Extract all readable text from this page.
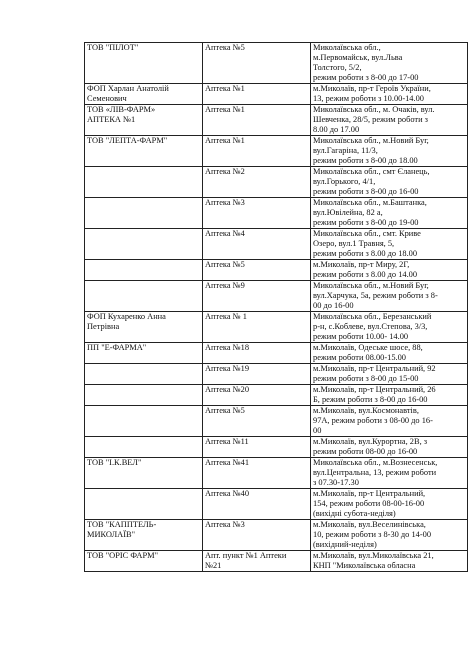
ТОВ "ПІЛОТ"	Аптека №5	Миколаївська обл.,
м.Первомайськ, вул.Льва
Толстого, 5/2,
режим роботи з 8-00 до 17-00
ФОП Харлан Анатолій
Семенович	Аптека №1	м.Миколаїв, пр-т Героїв України,
13, режим роботи з 10.00-14.00
ТОВ «ЛІВ-ФАРМ»
АПТЕКА №1	Аптека №1	Миколаївська обл., м. Очаків, вул.
Шевченка, 28/5, режим роботи з
8.00 до 17.00
ТОВ "ЛЕПТА-ФАРМ"	Аптека №1	Миколаївська обл., м.Новий Буг,
вул.Гагаріна, 11/3,
режим роботи з 8-00 до 18.00
	Аптека №2	Миколаївська обл., смт Єланець,
вул.Горького, 4/1,
режим роботи з 8-00 до 16-00
	Аптека №3	Миколаївська обл., м.Баштанка,
вул.Ювілейна, 82 а,
режим роботи з 8-00 до 19-00
	Аптека №4	Миколаївська обл., смт. Криве
Озеро, вул.1 Травня, 5,
режим роботи з 8.00 до 18.00
	Аптека №5	м.Миколаїв, пр-т Миру, 2Г,
режим роботи з 8.00 до 14.00
	Аптека №9	Миколаївська обл., м.Новий Буг,
вул.Харчука, 5а, режим роботи з 8-
00 до 16-00
ФОП Кухаренко Анна
Петрівна	Аптека № 1	Миколаївська обл., Березанський
р-н, с.Коблеве, вул.Степова, 3/3,
режим роботи 10.00- 14.00
ПП "Е-ФАРМА"	Аптека №18	м.Миколаїв, Одеське шосе, 88,
режим роботи 08.00-15.00
	Аптека №19	м.Миколаїв, пр-т Центральний, 92
режим роботи з 8-00 до 15-00
	Аптека №20	м.Миколаїв, пр-т Центральний, 26
Б, режим роботи з 8-00 до 16-00
	Аптека №5	м.Миколаїв, вул.Космонавтів,
97А, режим роботи з 08-00 до 16-
00
	Аптека №11	м.Миколаїв, вул.Курортна, 2В, з
режим роботи 08-00 до 16-00
ТОВ "І.К.ВЕЛ"	Аптека №41	Миколаївська обл., м.Вознесенськ,
вул.Центральна, 13, режим роботи
з 07.30-17.30
	Аптека №40	м.Миколаїв, пр-т Центральний,
154, режим роботи 08-00-16-00
(вихідні субота-неділя)
ТОВ "КАППТЕЛЬ-
МИКОЛАЇВ"	Аптека №3	м.Миколаїв, вул.Веселинівська,
10, режим роботи з 8-30 до 14-00
(вихідний-неділя)
ТОВ "ОРІС ФАРМ"	Апт. пункт №1 Аптеки
№21	м.Миколаїв, вул.Миколаївська 21,
КНП "Миколаївська обласна
